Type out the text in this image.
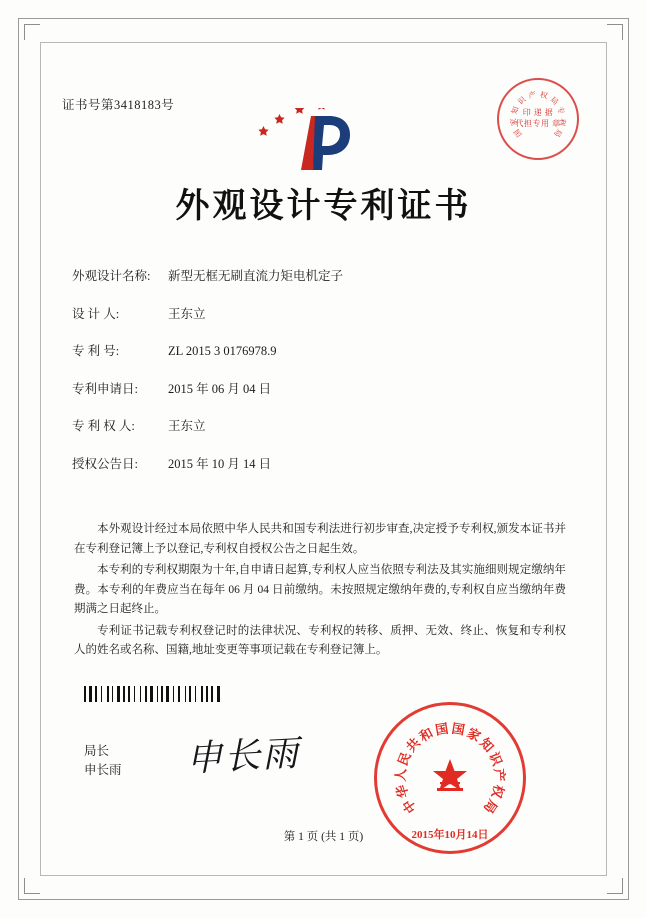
证书号第3418183号
国
家
知
识 产 权 局
专
利
局
印 递 据
代担专用 章
外观设计专利证书
外观设计名称: 新型无框无刷直流力矩电机定子
设 计 人:	王东立
专 利 号:	ZL 2015 3 0176978.9
专利申请日: 2015 年 06 月 04 日
专 利 权 人:	王东立
授权公告日: 2015 年 10 月 14 日

本外观设计经过本局依照中华人民共和国专利法进行初步审查,决定授予专利权,颁发本证书并在专利登记簿上予以登记,专利权自授权公告之日起生效。

本专利的专利权期限为十年,自申请日起算,专利权人应当依照专利法及其实施细则规定缴纳年费。本专利的年费应当在每年 06 月 04 日前缴纳。未按照规定缴纳年费的,专利权自应当缴纳年费期满之日起终止。

专利证书记载专利权登记时的法律状况、专利权的转移、质押、无效、终止、恢复和专利权人的姓名或名称、国籍,地址变更等事项记载在专利登记簿上。

局长
申长雨 申长雨
中
华
人
民
共
和
国 国
家
知
识
产
权
局
2015年10月14日
第 1 页 (共 1 页)
